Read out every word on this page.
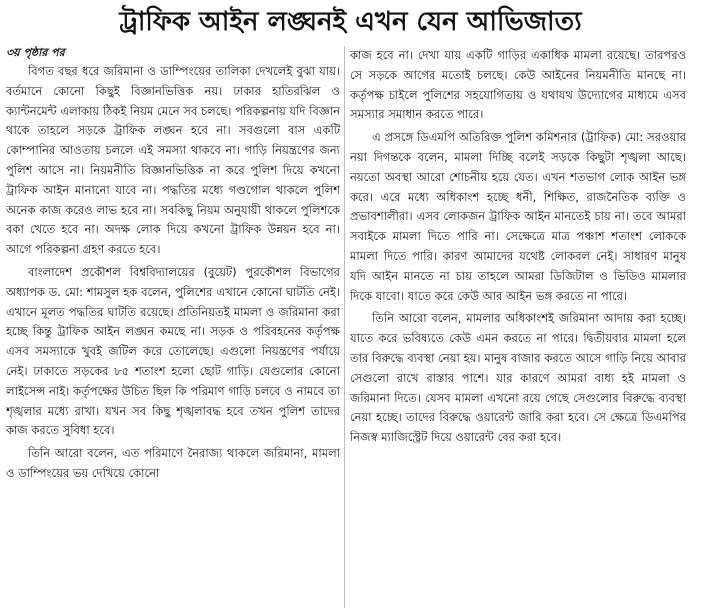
ট্রাফিক আইন লঙ্ঘনই এখন যেন আভিজাত্য
৩য় পৃষ্ঠার পর

বিগত বছর ধরে জরিমানা ও ডাম্পিংয়ের তালিকা দেখলেই বুঝা যায়। বর্তমানে কোনো কিছুই বিজ্ঞানভিত্তিক নয়। ঢাকার হাতিরঝিল ও ক্যান্টনমেন্ট এলাকায় ঠিকই নিয়ম মেনে সব চলছে। পরিকল্পনায় যদি বিজ্ঞান থাকে তাহলে সড়কে ট্রাফিক লঙ্ঘন হবে না। সবগুলো বাস একটি কোম্পানির আওতায় চললে এই সমস্যা থাকবে না। গাড়ি নিয়ন্ত্রণের জন্য পুলিশ আসে না। নিয়মনীতি বিজ্ঞানভিত্তিক না করে পুলিশ দিয়ে কখনো ট্রাফিক আইন মানানো যাবে না। পদ্ধতির মধ্যে গণ্ডগোল থাকলে পুলিশ অনেক কাজ করেও লাভ হবে না। সবকিছু নিয়ম অনুযায়ী থাকলে পুলিশকে বকা খেতে হবে না। অদক্ষ লোক দিয়ে কখনো ট্রাফিক উন্নয়ন হবে না। আগে পরিকল্পনা গ্রহণ করতে হবে।

বাংলাদেশ প্রকৌশল বিশ্ববিদ্যালয়ের (বুয়েট) পুরকৌশল বিভাগের অধ্যাপক ড. মো: শামসুল হক বলেন, পুলিশের এখানে কোনো ঘাটতি নেই। এখানে মূলত পদ্ধতির ঘাটতি রয়েছে। প্রতিনিয়তই মামলা ও জরিমানা করা হচ্ছে কিন্তু ট্রাফিক আইন লঙ্ঘন কমছে না। সড়ক ও পরিবহনের কর্তৃপক্ষ এসব সমস্যাকে খুবই জটিল করে তোলেছে। এগুলো নিয়ন্ত্রণের পর্যায়ে নেই। ঢাকাতে সড়কের ৮৫ শতাংশ হলো ছোট গাড়ি। যেগুলোর কোনো লাইসেন্স নাই। কর্তৃপক্ষের উচিত ছিল কি পরিমাণ গাড়ি চলবে ও নামবে তা শৃঙ্খলার মধ্যে রাখা। যখন সব কিছু শৃঙ্খলাবদ্ধ হবে তখন পুলিশ তাদের কাজ করতে সুবিধা হবে।

তিনি আরো বলেন, এত পরিমাণে নৈরাজ্য থাকলে জরিমানা, মামলা ও ডাম্পিংয়ের ভয় দেখিয়ে কোনো

কাজ হবে না। দেখা যায় একটি গাড়ির একাধিক মামলা রয়েছে। তারপরও সে সড়কে আগের মতোই চলছে। কেউ আইনের নিয়মনীতি মানছে না। কর্তৃপক্ষ চাইলে পুলিশের সহযোগিতায় ও যথাযথ উদ্যোগের মাধ্যমে এসব সমস্যার সমাধান করতে পারে।

এ প্রসঙ্গে ডিএমপি অতিরিক্ত পুলিশ কমিশনার (ট্রাফিক) মো: সরওয়ার নয়া দিগন্তকে বলেন, মামলা দিচ্ছি বলেই সড়কে কিছুটা শৃঙ্খলা আছে। নয়তো অবস্থা আরো শোচনীয় হয়ে যেত। এখন শতভাগ লোক আইন ভঙ্গ করে। এরে মধ্যে অধিকাংশ হচ্ছে ধনী, শিক্ষিত, রাজনৈতিক ব্যক্তি ও প্রভাবশালীরা। এসব লোকজন ট্রাফিক আইন মানতেই চায় না। তবে আমরা সবাইকে মামলা দিতে পারি না। সেক্ষেত্রে মাত্র পঞ্চাশ শতাংশ লোককে মামলা দিতে পারি। কারণ আমাদের যথেষ্ট লোকবল নেই। সাধারণ মানুষ যদি আইন মানতে না চায় তাহলে আমরা ডিজিটাল ও ভিডিও মামলার দিকে যাবো। যাতে করে কেউ আর আইন ভঙ্গ করতে না পারে।

তিনি আরো বলেন, মামলার অধিকাংশই জরিমানা আদায় করা হচ্ছে। যাতে করে ভবিষ্যতে কেউ এমন করতে না পারে। দ্বিতীয়বার মামলা হলে তার বিরুদ্ধে ব্যবস্থা নেয়া হয়। মানুষ বাজার করতে আসে গাড়ি নিয়ে আবার সেগুলো রাখে রাস্তার পাশে। যার কারণে আমরা বাধ্য হই মামলা ও জরিমানা দিতে। যেসব মামলা এখনো রয়ে গেছে সেগুলোর বিরুদ্ধে ব্যবস্থা নেয়া হচ্ছে। তাদের বিরুদ্ধে ওয়ারেন্ট জারি করা হবে। সে ক্ষেত্রে ডিএমপির নিজস্ব ম্যাজিস্ট্রেট দিয়ে ওয়ারেন্ট বের করা হবে।
